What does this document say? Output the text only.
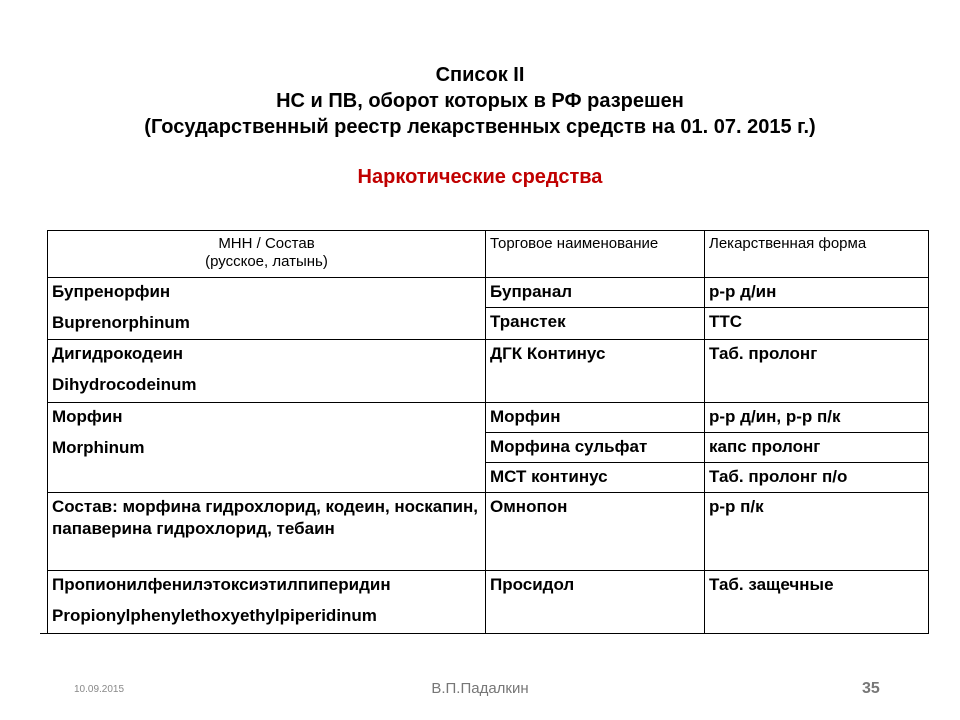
Список II
НС и ПВ, оборот которых в РФ разрешен
(Государственный реестр лекарственных средств на 01. 07. 2015 г.)
Наркотические средства
МНН / Состав
(русское, латынь)	Торговое наименование	Лекарственная форма
Бупренорфин
Buprenorphinum	Бупранал	р-р д/ин
	Транстек	ТТС
Дигидрокодеин
Dihydrocodeinum	ДГК Континус	Таб. пролонг
Морфин
Morphinum	Морфин	р-р д/ин, р-р п/к
	Морфина сульфат	капс пролонг
	МСТ континус	Таб. пролонг п/о
Состав: морфина гидрохлорид, кодеин, носкапин, папаверина гидрохлорид, тебаин	Омнопон	р-р п/к
Пропионилфенилэтоксиэтилпиперидин
Propionylphenylethoxyethylpiperidinum	Просидол	Таб. защечные
10.09.2015	В.П.Падалкин	35
